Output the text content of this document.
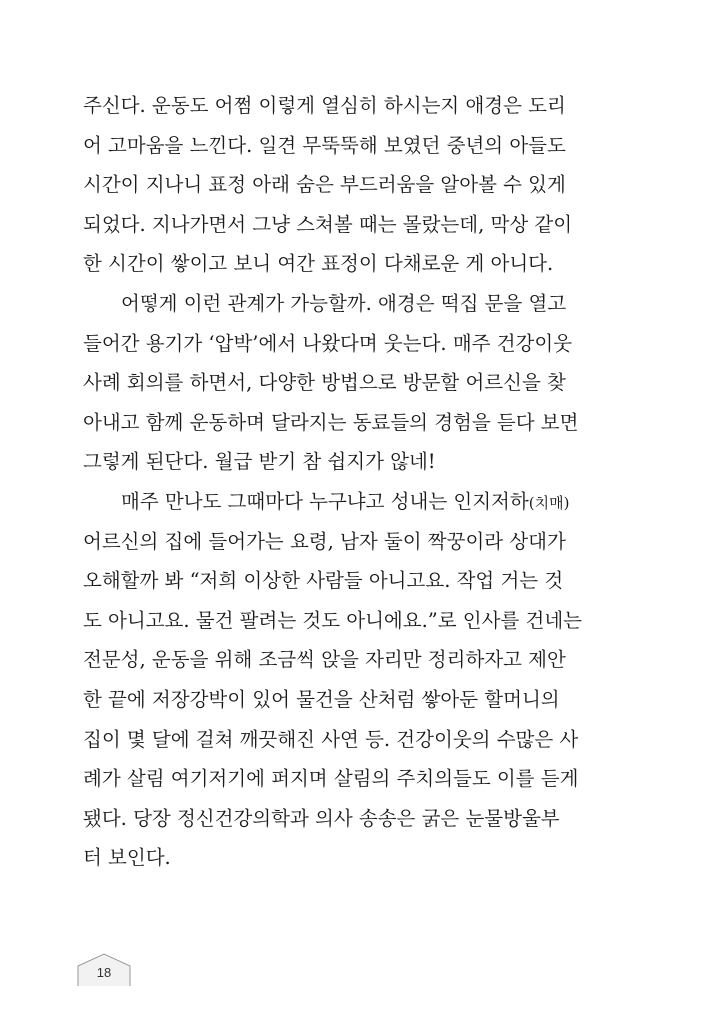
주신다. 운동도 어쩜 이렇게 열심히 하시는지 애경은 도리
어 고마움을 느낀다. 일견 무뚝뚝해 보였던 중년의 아들도
시간이 지나니 표정 아래 숨은 부드러움을 알아볼 수 있게
되었다. 지나가면서 그냥 스쳐볼 때는 몰랐는데, 막상 같이
한 시간이 쌓이고 보니 여간 표정이 다채로운 게 아니다.
어떻게 이런 관계가 가능할까. 애경은 떡집 문을 열고
들어간 용기가 ‘압박’에서 나왔다며 웃는다. 매주 건강이웃
사례 회의를 하면서, 다양한 방법으로 방문할 어르신을 찾
아내고 함께 운동하며 달라지는 동료들의 경험을 듣다 보면
그렇게 된단다. 월급 받기 참 쉽지가 않네!
매주 만나도 그때마다 누구냐고 성내는 인지저하(치매)
어르신의 집에 들어가는 요령, 남자 둘이 짝꿍이라 상대가
오해할까 봐 “저희 이상한 사람들 아니고요. 작업 거는 것
도 아니고요. 물건 팔려는 것도 아니에요.”로 인사를 건네는
전문성, 운동을 위해 조금씩 앉을 자리만 정리하자고 제안
한 끝에 저장강박이 있어 물건을 산처럼 쌓아둔 할머니의
집이 몇 달에 걸쳐 깨끗해진 사연 등. 건강이웃의 수많은 사
례가 살림 여기저기에 퍼지며 살림의 주치의들도 이를 듣게
됐다. 당장 정신건강의학과 의사 송송은 굵은 눈물방울부
터 보인다.
18
